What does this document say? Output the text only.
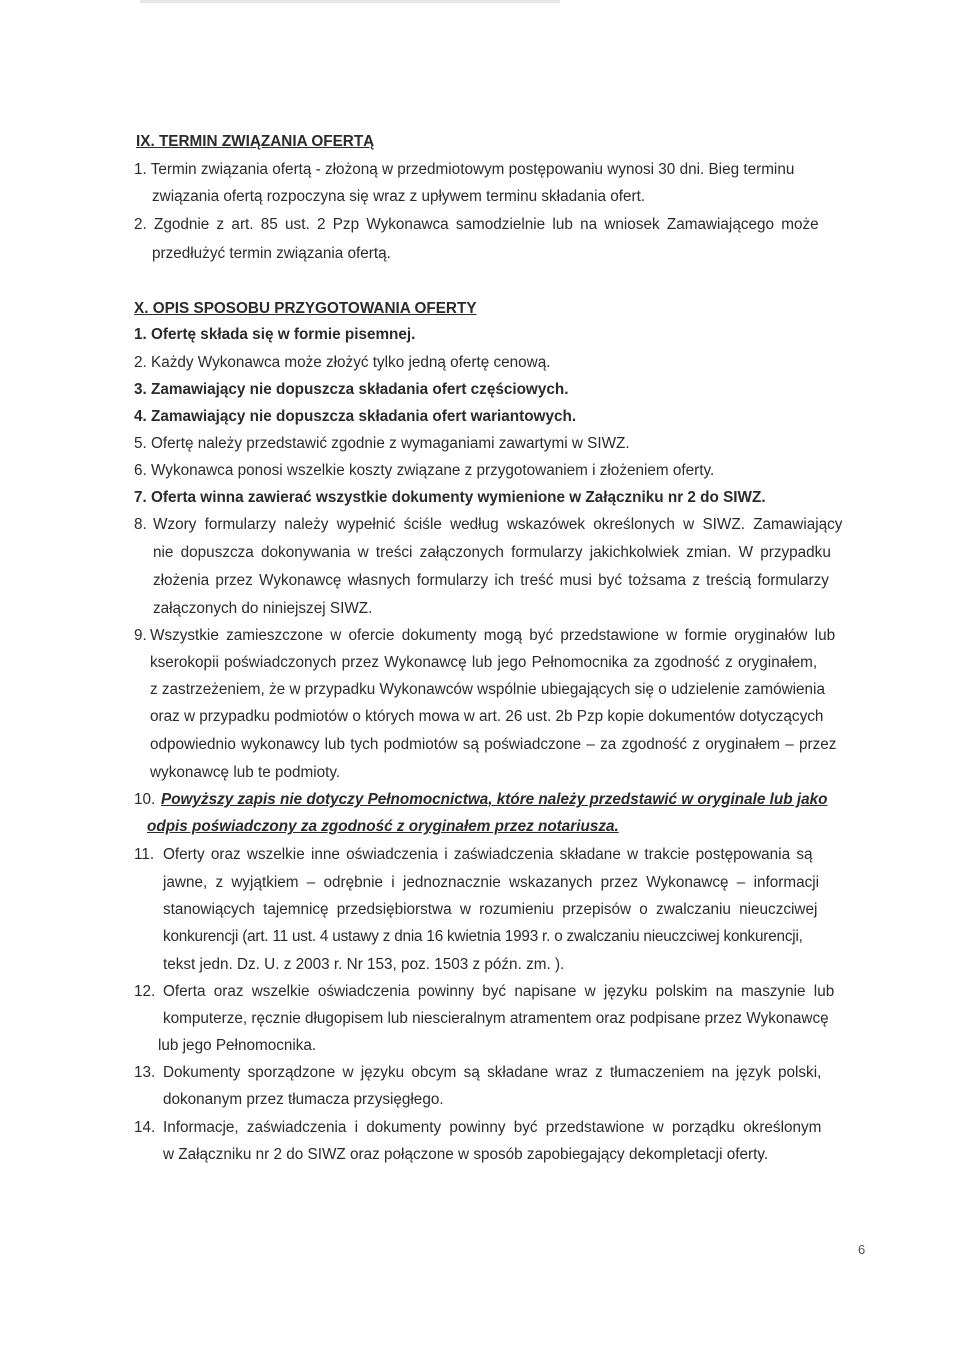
IX. TERMIN ZWIĄZANIA OFERTĄ
1. Termin związania ofertą - złożoną w przedmiotowym postępowaniu wynosi 30 dni. Bieg terminu
związania ofertą rozpoczyna się wraz z upływem terminu składania ofert.
2. Zgodnie z art. 85 ust. 2 Pzp Wykonawca samodzielnie lub na wniosek Zamawiającego może
przedłużyć termin związania ofertą.
X. OPIS SPOSOBU PRZYGOTOWANIA OFERTY
1. Ofertę składa się w formie pisemnej.
2. Każdy Wykonawca może złożyć tylko jedną ofertę cenową.
3. Zamawiający nie dopuszcza składania ofert częściowych.
4. Zamawiający nie dopuszcza składania ofert wariantowych.
5. Ofertę należy przedstawić zgodnie z wymaganiami zawartymi w SIWZ.
6. Wykonawca ponosi wszelkie koszty związane z przygotowaniem i złożeniem oferty.
7. Oferta winna zawierać wszystkie dokumenty wymienione w Załączniku nr 2 do SIWZ.
8. Wzory formularzy należy wypełnić ściśle według wskazówek określonych w SIWZ. Zamawiający
nie dopuszcza dokonywania w treści załączonych formularzy jakichkolwiek zmian. W przypadku
złożenia przez Wykonawcę własnych formularzy ich treść musi być tożsama z treścią formularzy
załączonych do niniejszej SIWZ.
9. Wszystkie zamieszczone w ofercie dokumenty mogą być przedstawione w formie oryginałów lub
kserokopii poświadczonych przez Wykonawcę lub jego Pełnomocnika za zgodność z oryginałem,
z zastrzeżeniem, że w przypadku Wykonawców wspólnie ubiegających się o udzielenie zamówienia
oraz w przypadku podmiotów o których mowa w art. 26 ust. 2b Pzp kopie dokumentów dotyczących
odpowiednio wykonawcy lub tych podmiotów są poświadczone – za zgodność z oryginałem – przez
wykonawcę lub te podmioty.
10. Powyższy zapis nie dotyczy Pełnomocnictwa, które należy przedstawić w oryginale lub jako
odpis poświadczony za zgodność z oryginałem przez notariusza.
11. Oferty oraz wszelkie inne oświadczenia i zaświadczenia składane w trakcie postępowania są
jawne, z wyjątkiem – odrębnie i jednoznacznie wskazanych przez Wykonawcę – informacji
stanowiących tajemnicę przedsiębiorstwa w rozumieniu przepisów o zwalczaniu nieuczciwej
konkurencji (art. 11 ust. 4 ustawy z dnia 16 kwietnia 1993 r. o zwalczaniu nieuczciwej konkurencji,
tekst jedn. Dz. U. z 2003 r. Nr 153, poz. 1503 z późn. zm. ).
12. Oferta oraz wszelkie oświadczenia powinny być napisane w języku polskim na maszynie lub
komputerze, ręcznie długopisem lub niescieralnym atramentem oraz podpisane przez Wykonawcę
lub jego Pełnomocnika.
13. Dokumenty sporządzone w języku obcym są składane wraz z tłumaczeniem na język polski,
dokonanym przez tłumacza przysięgłego.
14. Informacje, zaświadczenia i dokumenty powinny być przedstawione w porządku określonym
w Załączniku nr 2 do SIWZ oraz połączone w sposób zapobiegający dekompletacji oferty.
6
